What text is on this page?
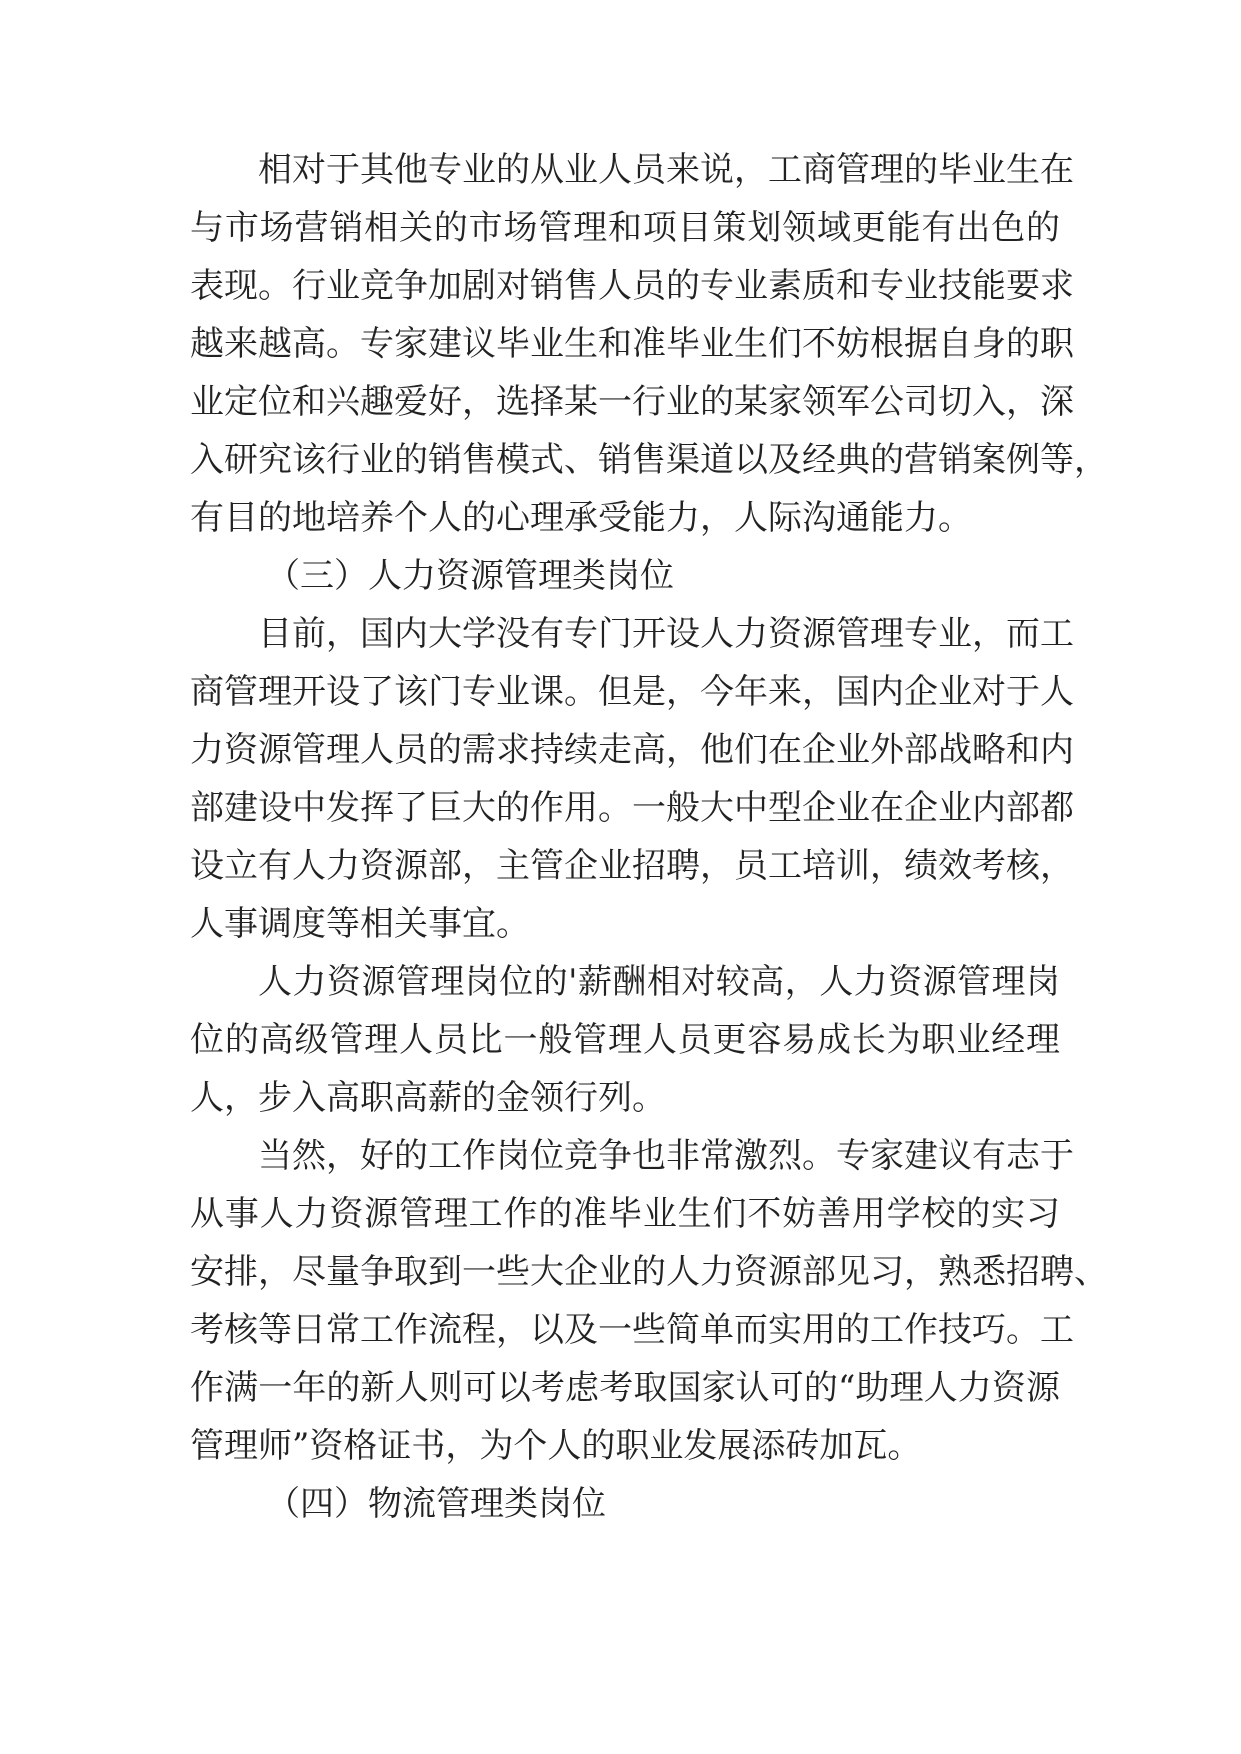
相对于其他专业的从业人员来说，工商管理的毕业生在
与市场营销相关的市场管理和项目策划领域更能有出色的
表现。行业竞争加剧对销售人员的专业素质和专业技能要求
越来越高。专家建议毕业生和准毕业生们不妨根据自身的职
业定位和兴趣爱好，选择某一行业的某家领军公司切入，深
入研究该行业的销售模式、销售渠道以及经典的营销案例等，
有目的地培养个人的心理承受能力，人际沟通能力。
（三）人力资源管理类岗位
目前，国内大学没有专门开设人力资源管理专业，而工
商管理开设了该门专业课。但是，今年来，国内企业对于人
力资源管理人员的需求持续走高，他们在企业外部战略和内
部建设中发挥了巨大的作用。一般大中型企业在企业内部都
设立有人力资源部，主管企业招聘，员工培训，绩效考核，
人事调度等相关事宜。
人力资源管理岗位的'薪酬相对较高，人力资源管理岗
位的高级管理人员比一般管理人员更容易成长为职业经理
人，步入高职高薪的金领行列。
当然，好的工作岗位竞争也非常激烈。专家建议有志于
从事人力资源管理工作的准毕业生们不妨善用学校的实习
安排，尽量争取到一些大企业的人力资源部见习，熟悉招聘、
考核等日常工作流程，以及一些简单而实用的工作技巧。工
作满一年的新人则可以考虑考取国家认可的“助理人力资源
管理师”资格证书，为个人的职业发展添砖加瓦。
（四）物流管理类岗位
